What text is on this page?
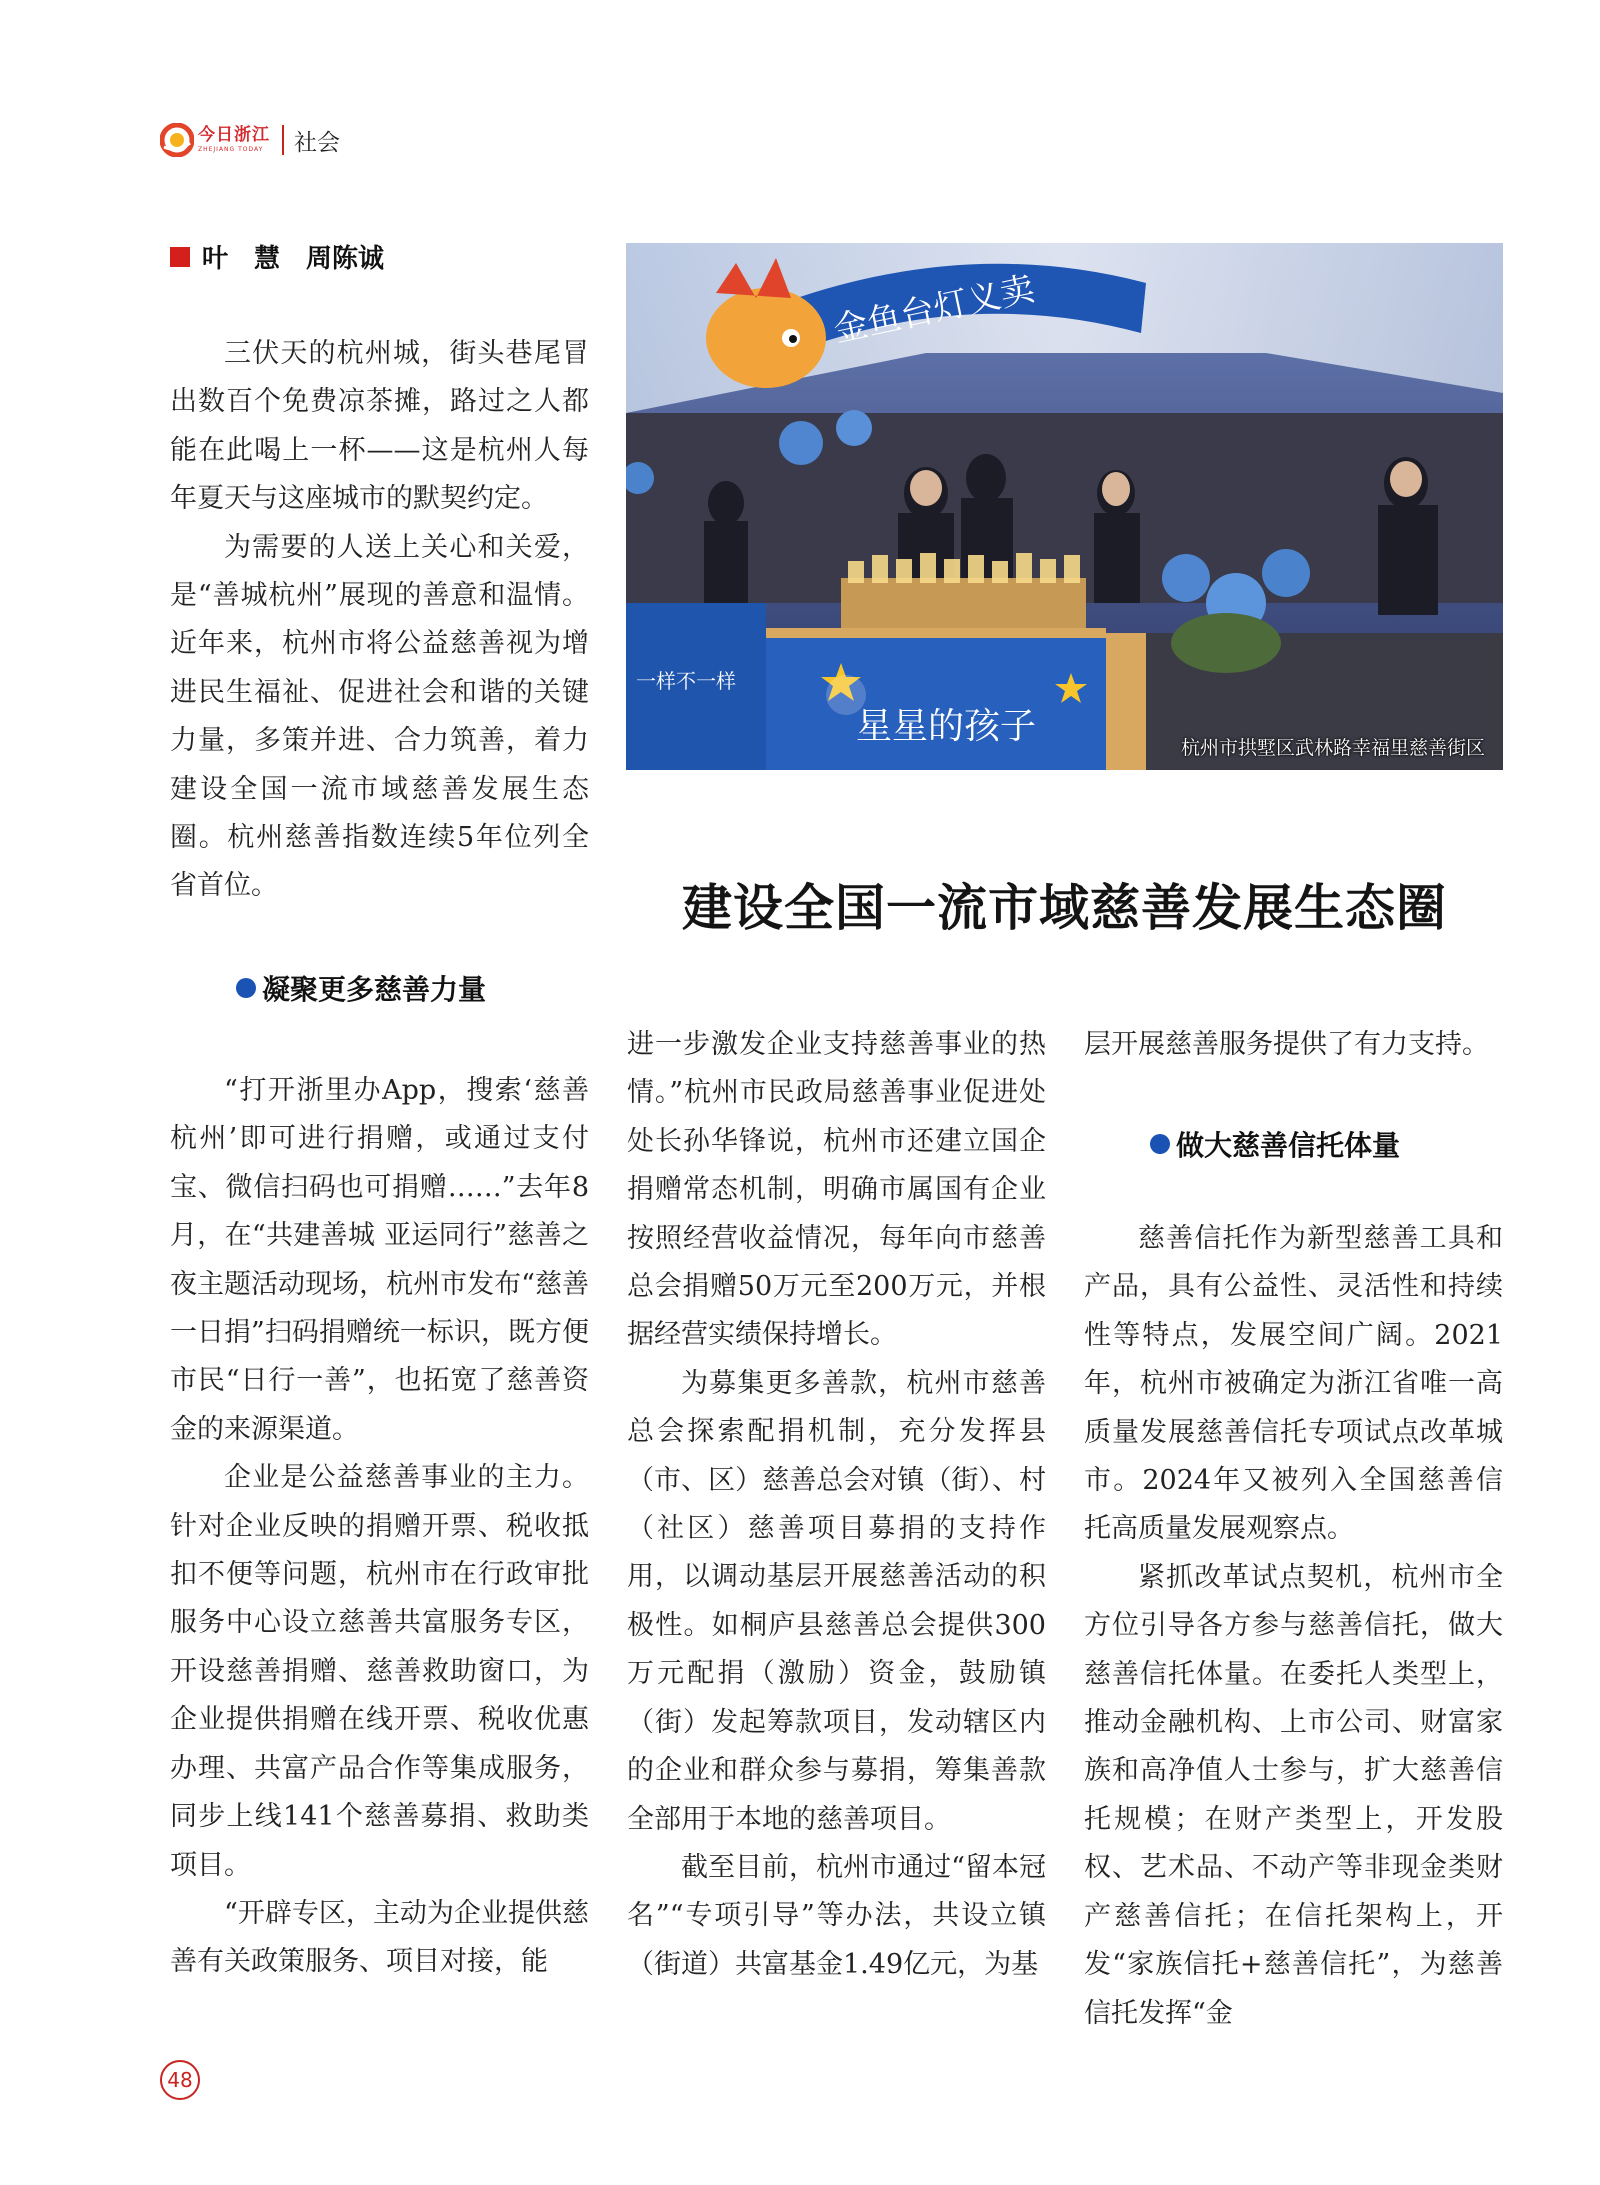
今日浙江
ZHEJIANG TODAY 社会
叶　慧　周陈诚

三伏天的杭州城，街头巷尾冒出数百个免费凉茶摊，路过之人都能在此喝上一杯——这是杭州人每年夏天与这座城市的默契约定。

为需要的人送上关心和关爱，是“善城杭州”展现的善意和温情。近年来，杭州市将公益慈善视为增进民生福祉、促进社会和谐的关键力量，多策并进、合力筑善，着力建设全国一流市域慈善发展生态圈。杭州慈善指数连续5年位列全省首位。

金鱼台灯义卖
星星的孩子
一样不一样
杭州市拱墅区武林路幸福里慈善街区
建设全国一流市域慈善发展生态圈
凝聚更多慈善力量

“打开浙里办App，搜索‘慈善杭州’即可进行捐赠，或通过支付宝、微信扫码也可捐赠……”去年8月，在“共建善城 亚运同行”慈善之夜主题活动现场，杭州市发布“慈善一日捐”扫码捐赠统一标识，既方便市民“日行一善”，也拓宽了慈善资金的来源渠道。

企业是公益慈善事业的主力。针对企业反映的捐赠开票、税收抵扣不便等问题，杭州市在行政审批服务中心设立慈善共富服务专区，开设慈善捐赠、慈善救助窗口，为企业提供捐赠在线开票、税收优惠办理、共富产品合作等集成服务，同步上线141个慈善募捐、救助类项目。

“开辟专区，主动为企业提供慈善有关政策服务、项目对接，能

进一步激发企业支持慈善事业的热情。”杭州市民政局慈善事业促进处处长孙华锋说，杭州市还建立国企捐赠常态机制，明确市属国有企业按照经营收益情况，每年向市慈善总会捐赠50万元至200万元，并根据经营实绩保持增长。

为募集更多善款，杭州市慈善总会探索配捐机制，充分发挥县（市、区）慈善总会对镇（街）、村（社区）慈善项目募捐的支持作用，以调动基层开展慈善活动的积极性。如桐庐县慈善总会提供300万元配捐（激励）资金，鼓励镇（街）发起筹款项目，发动辖区内的企业和群众参与募捐，筹集善款全部用于本地的慈善项目。

截至目前，杭州市通过“留本冠名”“专项引导”等办法，共设立镇（街道）共富基金1.49亿元，为基

层开展慈善服务提供了有力支持。

做大慈善信托体量

慈善信托作为新型慈善工具和产品，具有公益性、灵活性和持续性等特点，发展空间广阔。2021年，杭州市被确定为浙江省唯一高质量发展慈善信托专项试点改革城市。2024年又被列入全国慈善信托高质量发展观察点。

紧抓改革试点契机，杭州市全方位引导各方参与慈善信托，做大慈善信托体量。在委托人类型上，推动金融机构、上市公司、财富家族和高净值人士参与，扩大慈善信托规模；在财产类型上，开发股权、艺术品、不动产等非现金类财产慈善信托；在信托架构上，开发“家族信托+慈善信托”，为慈善信托发挥“金

48
